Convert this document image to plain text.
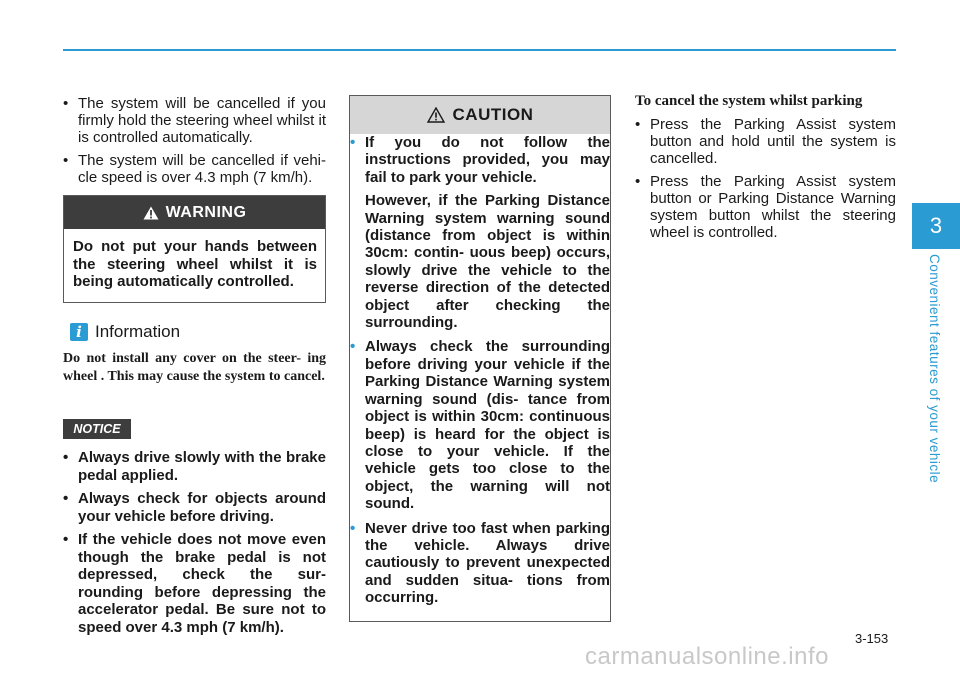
• The system will be cancelled if you firmly hold the steering wheel whilst it is controlled automatically.
• The system will be cancelled if vehi- cle speed is over 4.3 mph (7 km/h).
WARNING
Do not put your hands between the steering wheel whilst it is being automatically controlled.
i Information
Do not install any cover on the steer- ing wheel . This may cause the system to cancel.
NOTICE
• Always drive slowly with the brake pedal applied.
• Always check for objects around your vehicle before driving.
• If the vehicle does not move even though the brake pedal is not depressed, check the sur- rounding before depressing the accelerator pedal. Be sure not to speed over 4.3 mph (7 km/h).
CAUTION

• If you do not follow the instructions provided, you may fail to park your vehicle.

However, if the Parking Distance Warning system warning sound (distance from object is within 30cm: contin- uous beep) occurs, slowly drive the vehicle to the reverse direction of the detected object after checking the surrounding.

• Always check the surrounding before driving your vehicle if the Parking Distance Warning system warning sound (dis- tance from object is within 30cm: continuous beep) is heard for the object is close to your vehicle. If the vehicle gets too close to the object, the warning will not sound.
• Never drive too fast when parking the vehicle. Always drive cautiously to prevent unexpected and sudden situa- tions from occurring.
To cancel the system whilst parking
• Press the Parking Assist system button and hold until the system is cancelled.
• Press the Parking Assist system button or Parking Distance Warning system button whilst the steering wheel is controlled.	3
Convenient features of your vehicle
3-153
carmanualsonline.info
